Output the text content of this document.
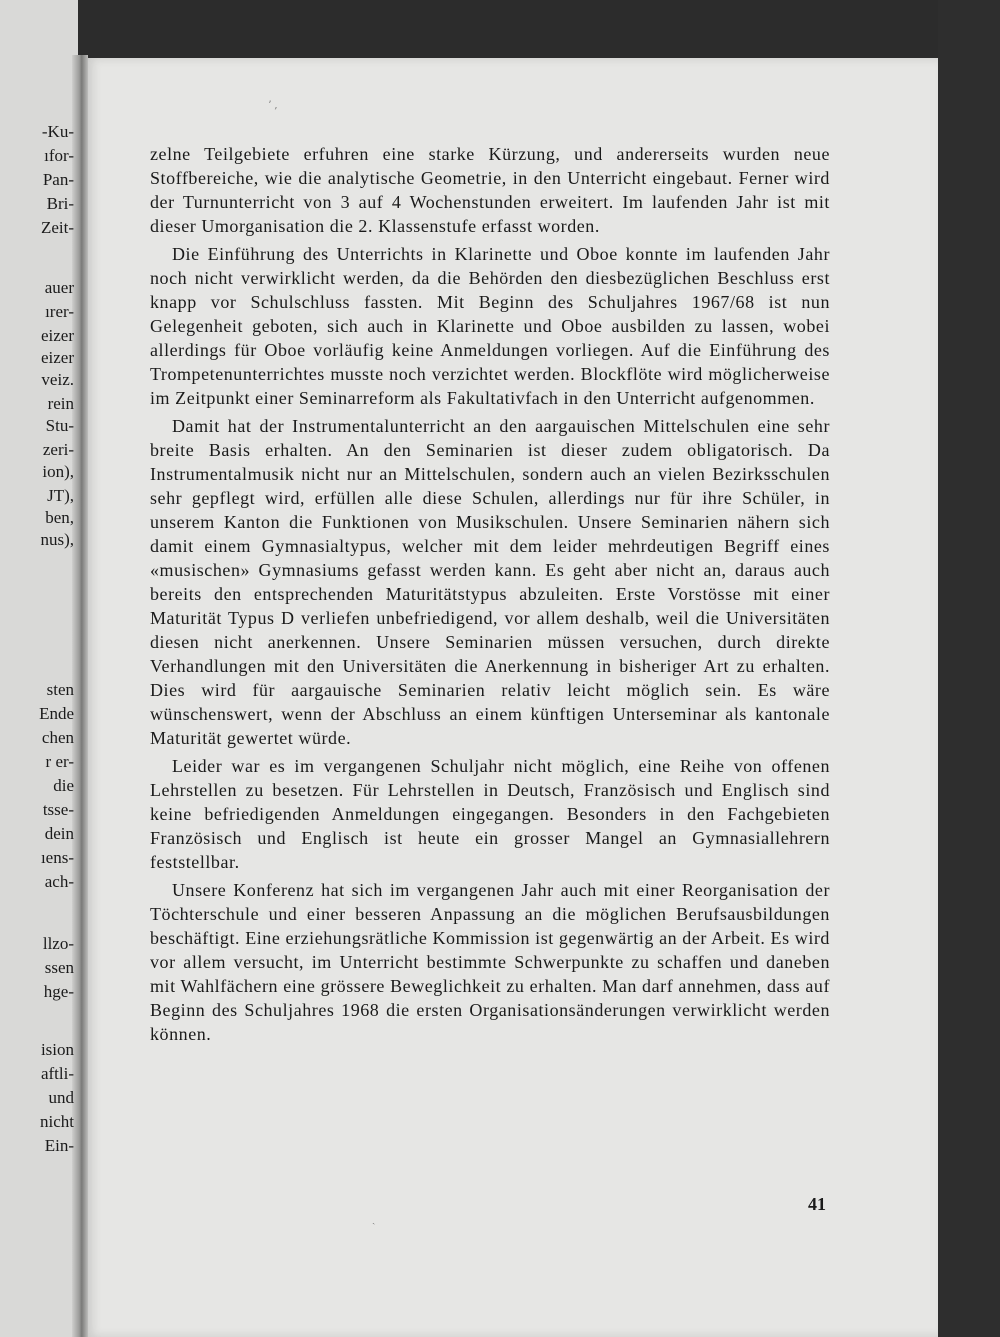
-Ku-
ıfor-
Pan-
Bri-
Zeit-
auer
ırer-
eizer
eizer
veiz.
rein
Stu-
zeri-
ion),
JT),
ben,
nus),
sten
Ende
chen
r er-
die
tsse-
dein
ıens-
ach-
llzo-
ssen
hge-
ision
aftli-
und
nicht
Ein-
ʼ ,
ˎ

zelne Teilgebiete erfuhren eine starke Kürzung, und andererseits wurden neue Stoffbereiche, wie die analytische Geometrie, in den Unterricht eingebaut. Ferner wird der Turnunterricht von 3 auf 4 Wochenstunden erweitert. Im laufenden Jahr ist mit dieser Umorganisation die 2. Klassenstufe erfasst worden.

Die Einführung des Unterrichts in Klarinette und Oboe konnte im laufenden Jahr noch nicht verwirklicht werden, da die Behörden den diesbezüglichen Beschluss erst knapp vor Schulschluss fassten. Mit Beginn des Schuljahres 1967/68 ist nun Gelegenheit geboten, sich auch in Klarinette und Oboe ausbilden zu lassen, wobei allerdings für Oboe vorläufig keine Anmeldungen vorliegen. Auf die Einführung des Trompetenunterrichtes musste noch verzichtet werden. Blockflöte wird möglicherweise im Zeitpunkt einer Seminarreform als Fakultativfach in den Unterricht aufgenommen.

Damit hat der Instrumentalunterricht an den aargauischen Mittelschulen eine sehr breite Basis erhalten. An den Seminarien ist dieser zudem obligatorisch. Da Instrumentalmusik nicht nur an Mittelschulen, sondern auch an vielen Bezirksschulen sehr gepflegt wird, erfüllen alle diese Schulen, allerdings nur für ihre Schüler, in unserem Kanton die Funktionen von Musikschulen. Unsere Seminarien nähern sich damit einem Gymnasialtypus, welcher mit dem leider mehrdeutigen Begriff eines «musischen» Gymnasiums gefasst werden kann. Es geht aber nicht an, daraus auch bereits den entsprechenden Maturitätstypus abzuleiten. Erste Vorstösse mit einer Maturität Typus D verliefen unbefriedigend, vor allem deshalb, weil die Universitäten diesen nicht anerkennen. Unsere Seminarien müssen versuchen, durch direkte Verhandlungen mit den Universitäten die Anerkennung in bisheriger Art zu erhalten. Dies wird für aargauische Seminarien relativ leicht möglich sein. Es wäre wünschenswert, wenn der Abschluss an einem künftigen Unterseminar als kantonale Maturität gewertet würde.

Leider war es im vergangenen Schuljahr nicht möglich, eine Reihe von offenen Lehrstellen zu besetzen. Für Lehrstellen in Deutsch, Französisch und Englisch sind keine befriedigenden Anmeldungen eingegangen. Besonders in den Fachgebieten Französisch und Englisch ist heute ein grosser Mangel an Gymnasiallehrern feststellbar.

Unsere Konferenz hat sich im vergangenen Jahr auch mit einer Reorganisation der Töchterschule und einer besseren Anpassung an die möglichen Berufsausbildungen beschäftigt. Eine erziehungsrätliche Kommission ist gegenwärtig an der Arbeit. Es wird vor allem versucht, im Unterricht bestimmte Schwerpunkte zu schaffen und daneben mit Wahlfächern eine grössere Beweglichkeit zu erhalten. Man darf annehmen, dass auf Beginn des Schuljahres 1968 die ersten Organisationsänderungen verwirklicht werden können.

41
